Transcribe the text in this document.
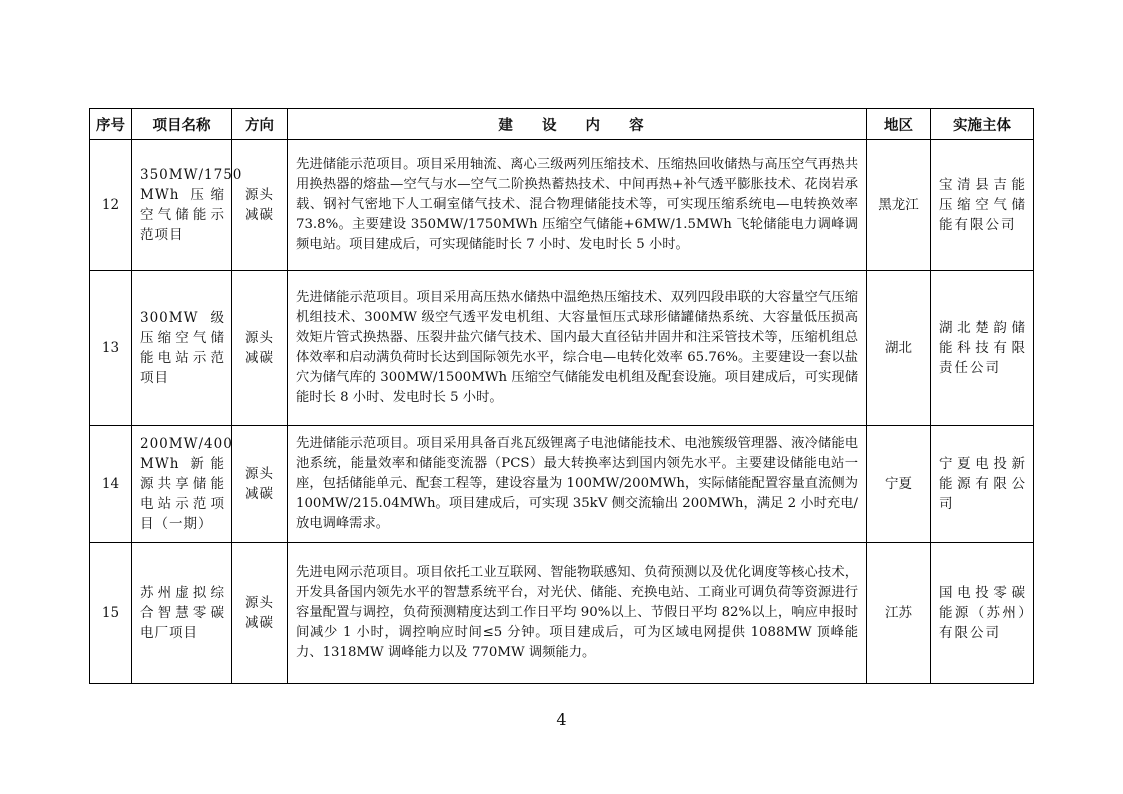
序号	项目名称	方向	建 设 内 容	地区	实施主体
12	350MW/1750 MWh 压缩空气储能示范项目	源头减碳	先进储能示范项目。项目采用轴流、离心三级两列压缩技术、压缩热回收储热与高压空气再热共用换热器的熔盐—空气与水—空气二阶换热蓄热技术、中间再热+补气透平膨胀技术、花岗岩承载、钢衬气密地下人工硐室储气技术、混合物理储能技术等，可实现压缩系统电—电转换效率 73.8%。主要建设 350MW/1750MWh 压缩空气储能+6MW/1.5MWh 飞轮储能电力调峰调频电站。项目建成后，可实现储能时长 7 小时、发电时长 5 小时。	黑龙江	宝清县吉能压缩空气储能有限公司
13	300MW 级压缩空气储能电站示范项目	源头减碳	先进储能示范项目。项目采用高压热水储热中温绝热压缩技术、双列四段串联的大容量空气压缩机组技术、300MW 级空气透平发电机组、大容量恒压式球形储罐储热系统、大容量低压损高效矩片管式换热器、压裂井盐穴储气技术、国内最大直径钻井固井和注采管技术等，压缩机组总体效率和启动满负荷时长达到国际领先水平，综合电—电转化效率 65.76%。主要建设一套以盐穴为储气库的 300MW/1500MWh 压缩空气储能发电机组及配套设施。项目建成后，可实现储能时长 8 小时、发电时长 5 小时。	湖北	湖北楚韵储能科技有限责任公司
14	200MW/400 MWh 新能源共享储能电站示范项目（一期）	源头减碳	先进储能示范项目。项目采用具备百兆瓦级锂离子电池储能技术、电池簇级管理器、液冷储能电池系统，能量效率和储能变流器（PCS）最大转换率达到国内领先水平。主要建设储能电站一座，包括储能单元、配套工程等，建设容量为 100MW/200MWh，实际储能配置容量直流侧为 100MW/215.04MWh。项目建成后，可实现 35kV 侧交流输出 200MWh，满足 2 小时充电/放电调峰需求。	宁夏	宁夏电投新能源有限公司
15	苏州虚拟综合智慧零碳电厂项目	源头减碳	先进电网示范项目。项目依托工业互联网、智能物联感知、负荷预测以及优化调度等核心技术，开发具备国内领先水平的智慧系统平台，对光伏、储能、充换电站、工商业可调负荷等资源进行容量配置与调控，负荷预测精度达到工作日平均 90%以上、节假日平均 82%以上，响应申报时间减少 1 小时，调控响应时间≤5 分钟。项目建成后，可为区域电网提供 1088MW 顶峰能力、1318MW 调峰能力以及 770MW 调频能力。	江苏	国电投零碳能源（苏州）有限公司
4
